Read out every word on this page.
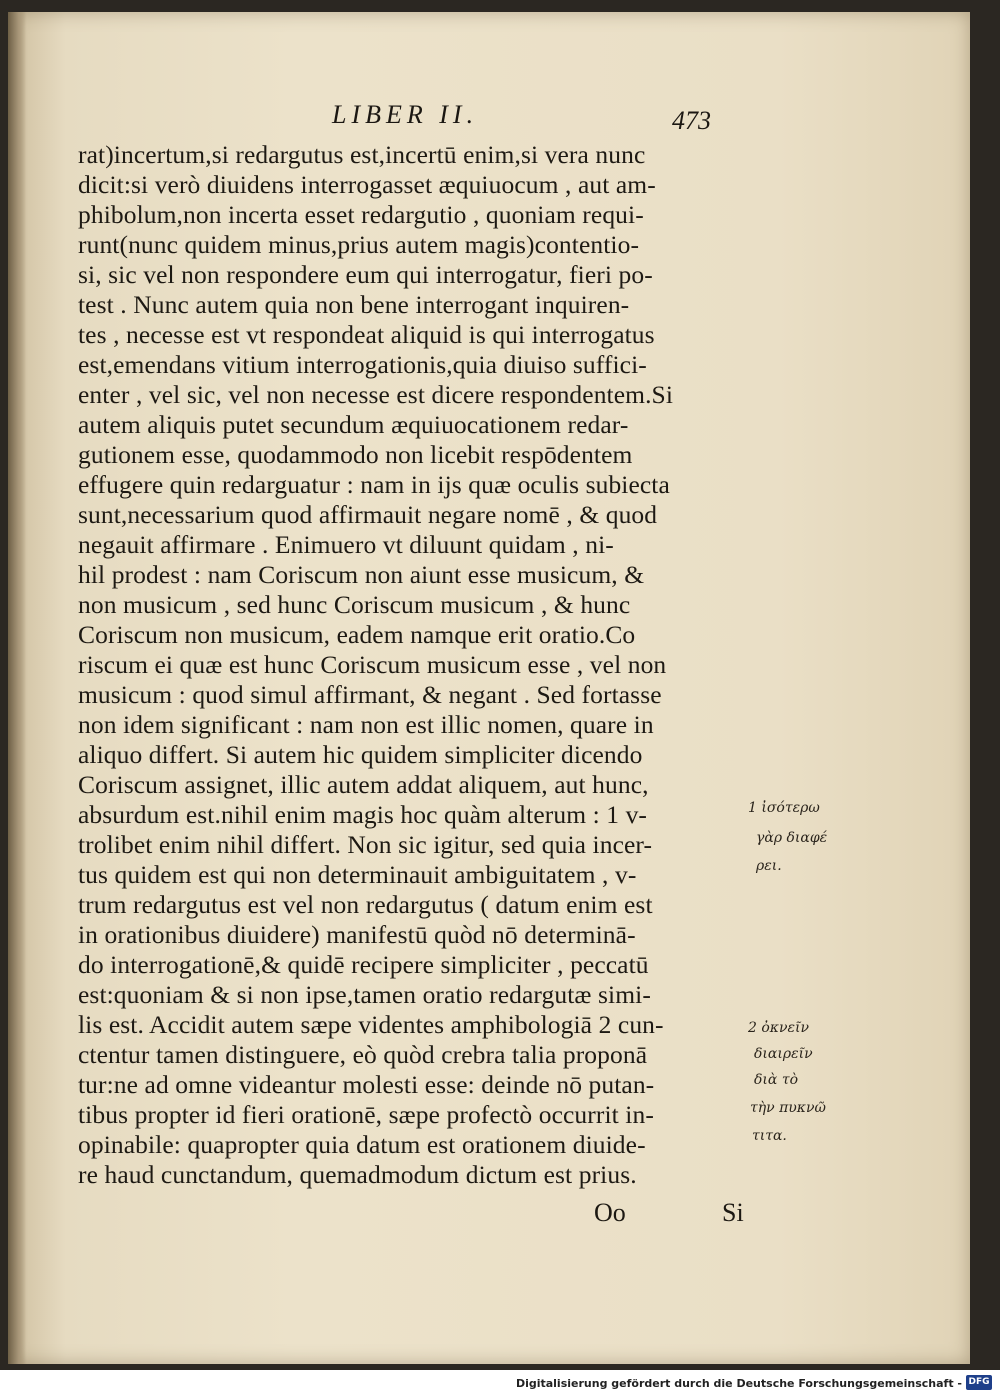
LIBER II.	473
rat)incertum,si redargutus est,incertū enim,si vera nunc
dicit:si verò diuidens interrogasset æquiuocum , aut am-
phibolum,non incerta esset redargutio , quoniam requi-
runt(nunc quidem minus,prius autem magis)contentio-
si, sic vel non respondere eum qui interrogatur, fieri po-
test . Nunc autem quia non bene interrogant inquiren-
tes , necesse est vt respondeat aliquid is qui interrogatus
est,emendans vitium interrogationis,quia diuiso suffici-
enter , vel sic, vel non necesse est dicere respondentem.Si
autem aliquis putet secundum æquiuocationem redar-
gutionem esse, quodammodo non licebit respōdentem
effugere quin redarguatur : nam in ijs quæ oculis subiecta
sunt,necessarium quod affirmauit negare nomē , & quod
negauit affirmare . Enimuero vt diluunt quidam , ni-
hil prodest : nam Coriscum non aiunt esse musicum, &
non musicum , sed hunc Coriscum musicum , & hunc
Coriscum non musicum, eadem namque erit oratio.Co
riscum ei quæ est hunc Coriscum musicum esse , vel non
musicum : quod simul affirmant, & negant . Sed fortasse
non idem significant : nam non est illic nomen, quare in
aliquo differt. Si autem hic quidem simpliciter dicendo
Coriscum assignet, illic autem addat aliquem, aut hunc,
absurdum est.nihil enim magis hoc quàm alterum : 1 v-
trolibet enim nihil differt. Non sic igitur, sed quia incer-
tus quidem est qui non determinauit ambiguitatem , v-
trum redargutus est vel non redargutus ( datum enim est
in orationibus diuidere) manifestū quòd nō determinā-
do interrogationē,& quidē recipere simpliciter , peccatū
est:quoniam & si non ipse,tamen oratio redargutæ simi-
lis est. Accidit autem sæpe videntes amphibologiā 2 cun-
ctentur tamen distinguere, eò quòd crebra talia proponā
tur:ne ad omne videantur molesti esse: deinde nō putan-
tibus propter id fieri orationē, sæpe profectò occurrit in-
opinabile: quapropter quia datum est orationem diuide-
re haud cunctandum, quemadmodum dictum est prius.
1 ἰσότερω
γὰρ διαφέ
ρει.
2 ὀκνεῖν
διαιρεῖν
διὰ τὸ
τὴν πυκνῶ
τιτα.
Oo	Si
Digitalisierung gefördert durch die Deutsche Forschungsgemeinschaft - DFG
